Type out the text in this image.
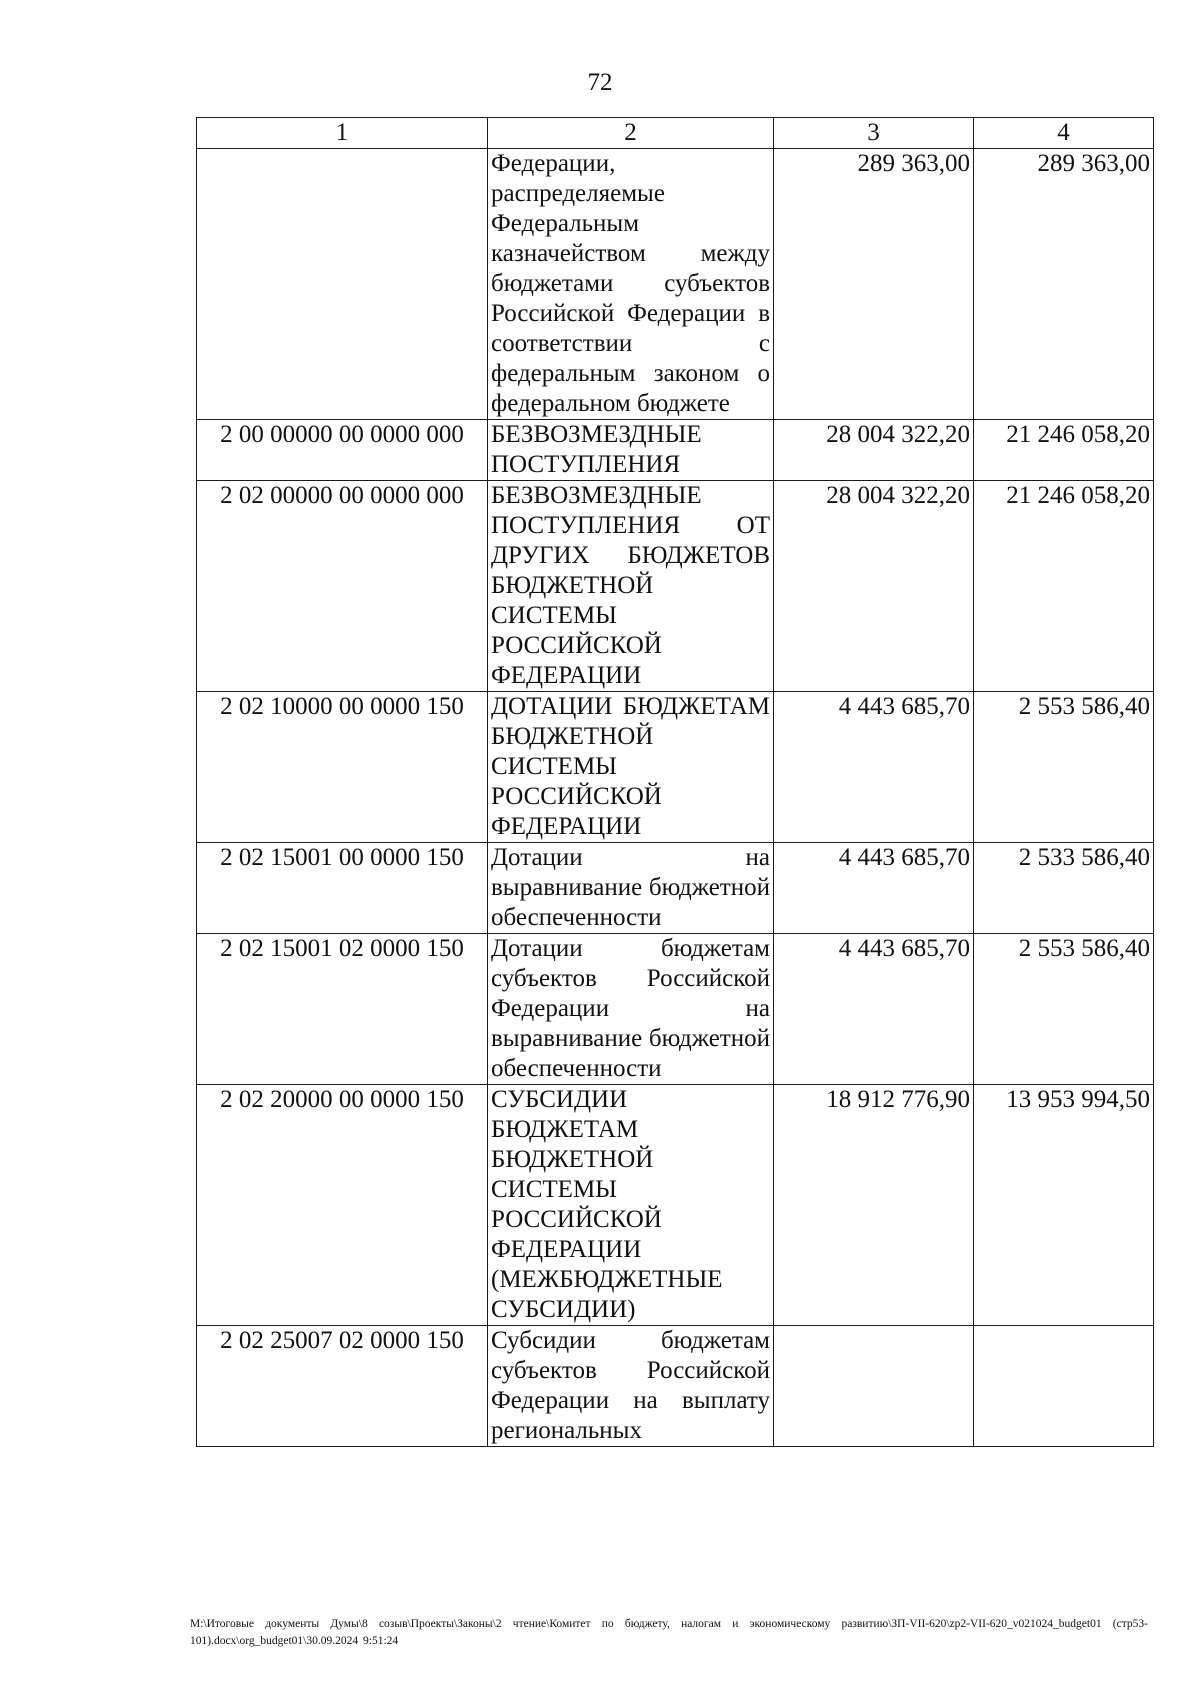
72
1	2	3	4
	Федерации, распределяемые Федеральным казначейством между бюджетами субъектов Российской Федерации в соответствии с федеральным законом о федеральном бюджете	289 363,00	289 363,00
2 00 00000 00 0000 000	БЕЗВОЗМЕЗДНЫЕ ПОСТУПЛЕНИЯ	28 004 322,20	21 246 058,20
2 02 00000 00 0000 000	БЕЗВОЗМЕЗДНЫЕ ПОСТУПЛЕНИЯ ОТ ДРУГИХ БЮДЖЕТОВ БЮДЖЕТНОЙ СИСТЕМЫ РОССИЙСКОЙ ФЕДЕРАЦИИ	28 004 322,20	21 246 058,20
2 02 10000 00 0000 150	ДОТАЦИИ БЮДЖЕТАМ БЮДЖЕТНОЙ СИСТЕМЫ РОССИЙСКОЙ ФЕДЕРАЦИИ	4 443 685,70	2 553 586,40
2 02 15001 00 0000 150	Дотации на выравнивание бюджетной обеспеченности	4 443 685,70	2 533 586,40
2 02 15001 02 0000 150	Дотации бюджетам субъектов Российской Федерации на выравнивание бюджетной обеспеченности	4 443 685,70	2 553 586,40
2 02 20000 00 0000 150	СУБСИДИИ БЮДЖЕТАМ БЮДЖЕТНОЙ СИСТЕМЫ РОССИЙСКОЙ ФЕДЕРАЦИИ (МЕЖБЮДЖЕТНЫЕ СУБСИДИИ)	18 912 776,90	13 953 994,50
2 02 25007 02 0000 150	Субсидии бюджетам субъектов Российской Федерации на выплату региональных		
M:\Итоговые документы Думы\8 созыв\Проекты\Законы\2 чтение\Комитет по бюджету, налогам и экономическому развитию\ЗП-VII-620\zp2-VII-620_v021024_budget01 (стр53-101).docx\org_budget01\30.09.2024 9:51:24
